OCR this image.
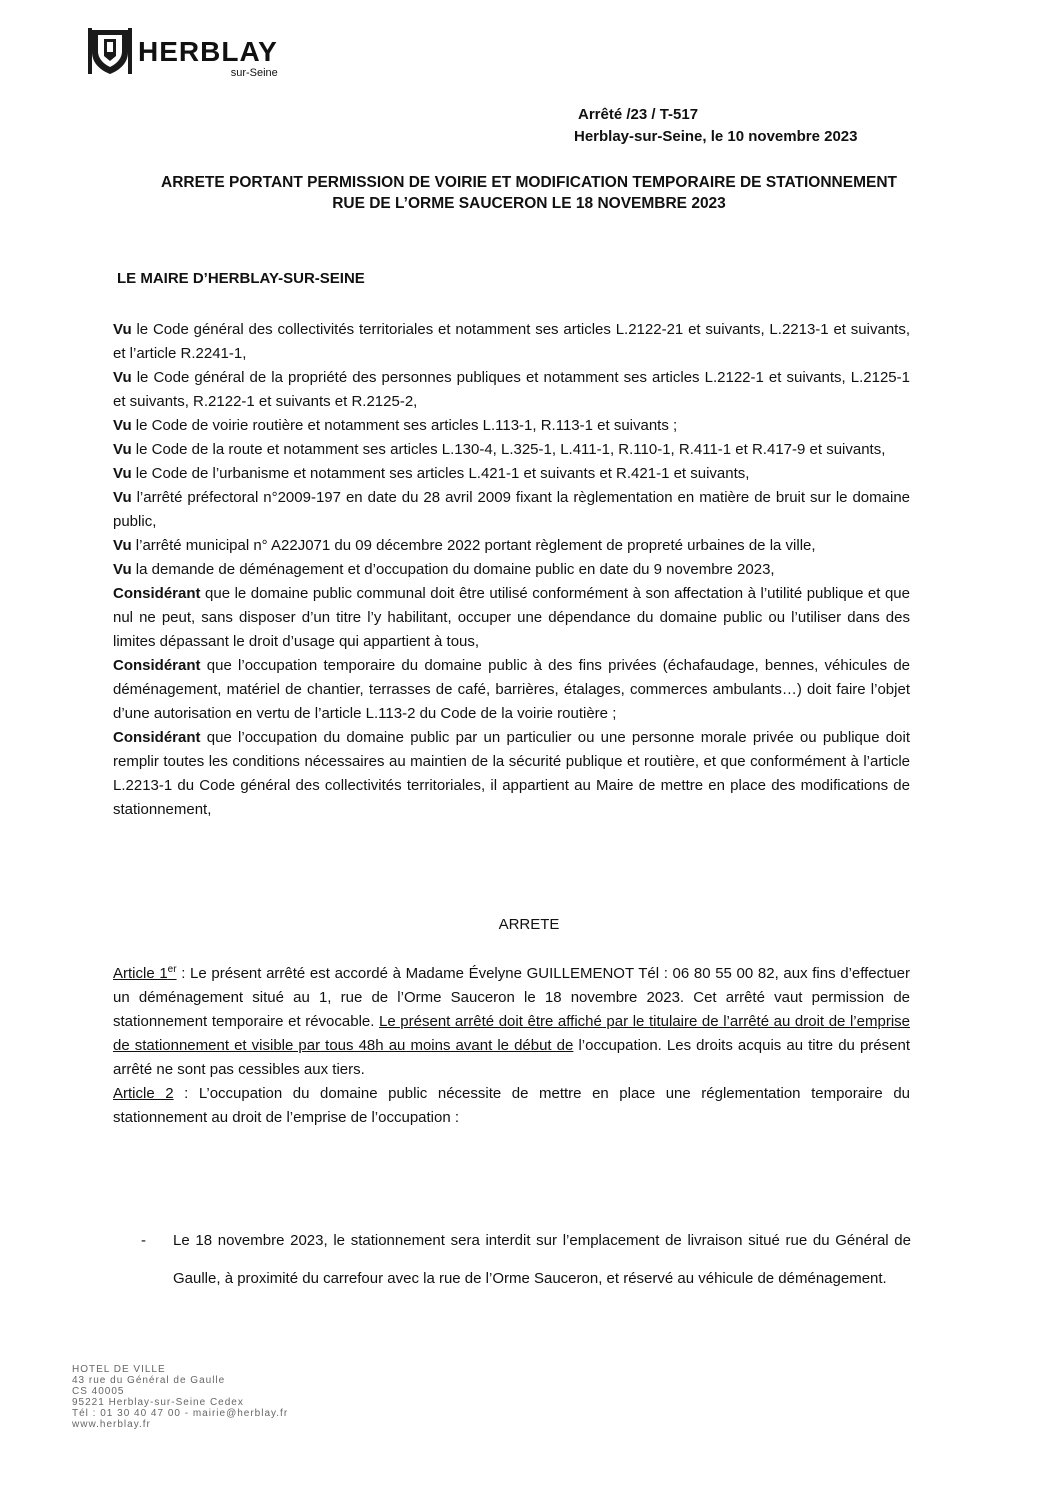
HERBLAY
sur-Seine
Arrêté /23 / T-517
Herblay-sur-Seine, le 10 novembre 2023
ARRETE PORTANT PERMISSION DE VOIRIE ET MODIFICATION TEMPORAIRE DE STATIONNEMENT
RUE DE L’ORME SAUCERON LE 18 NOVEMBRE 2023
LE MAIRE D’HERBLAY-SUR-SEINE

Vu le Code général des collectivités territoriales et notamment ses articles L.2122-21 et suivants, L.2213-1 et suivants, et l’article R.2241-1,

Vu le Code général de la propriété des personnes publiques et notamment ses articles L.2122-1 et suivants, L.2125-1 et suivants, R.2122-1 et suivants et R.2125-2,

Vu le Code de voirie routière et notamment ses articles L.113-1, R.113-1 et suivants ;

Vu le Code de la route et notamment ses articles L.130-4, L.325-1, L.411-1, R.110-1, R.411-1 et R.417-9 et suivants,

Vu le Code de l’urbanisme et notamment ses articles L.421-1 et suivants et R.421-1 et suivants,

Vu l’arrêté préfectoral n°2009-197 en date du 28 avril 2009 fixant la règlementation en matière de bruit sur le domaine public,

Vu l’arrêté municipal n° A22J071 du 09 décembre 2022 portant règlement de propreté urbaines de la ville,

Vu la demande de déménagement et d’occupation du domaine public en date du 9 novembre 2023,

Considérant que le domaine public communal doit être utilisé conformément à son affectation à l’utilité publique et que nul ne peut, sans disposer d’un titre l’y habilitant, occuper une dépendance du domaine public ou l’utiliser dans des limites dépassant le droit d’usage qui appartient à tous,

Considérant que l’occupation temporaire du domaine public à des fins privées (échafaudage, bennes, véhicules de déménagement, matériel de chantier, terrasses de café, barrières, étalages, commerces ambulants…) doit faire l’objet d’une autorisation en vertu de l’article L.113-2 du Code de la voirie routière ;

Considérant que l’occupation du domaine public par un particulier ou une personne morale privée ou publique doit remplir toutes les conditions nécessaires au maintien de la sécurité publique et routière, et que conformément à l’article L.2213-1 du Code général des collectivités territoriales, il appartient au Maire de mettre en place des modifications de stationnement,

ARRETE

Article 1er : Le présent arrêté est accordé à Madame Évelyne GUILLEMENOT Tél : 06 80 55 00 82, aux fins d’effectuer un déménagement situé au 1, rue de l’Orme Sauceron le 18 novembre 2023. Cet arrêté vaut permission de stationnement temporaire et révocable. Le présent arrêté doit être affiché par le titulaire de l’arrêté au droit de l’emprise de stationnement et visible par tous 48h au moins avant le début de l’occupation. Les droits acquis au titre du présent arrêté ne sont pas cessibles aux tiers.

Article 2 : L’occupation du domaine public nécessite de mettre en place une réglementation temporaire du stationnement au droit de l’emprise de l’occupation :

- Le 18 novembre 2023, le stationnement sera interdit sur l’emplacement de livraison situé rue du Général de Gaulle, à proximité du carrefour avec la rue de l’Orme Sauceron, et réservé au véhicule de déménagement.
HOTEL DE VILLE
43 rue du Général de Gaulle
CS 40005
95221 Herblay-sur-Seine Cedex
Tél : 01 30 40 47 00 - mairie@herblay.fr
www.herblay.fr
